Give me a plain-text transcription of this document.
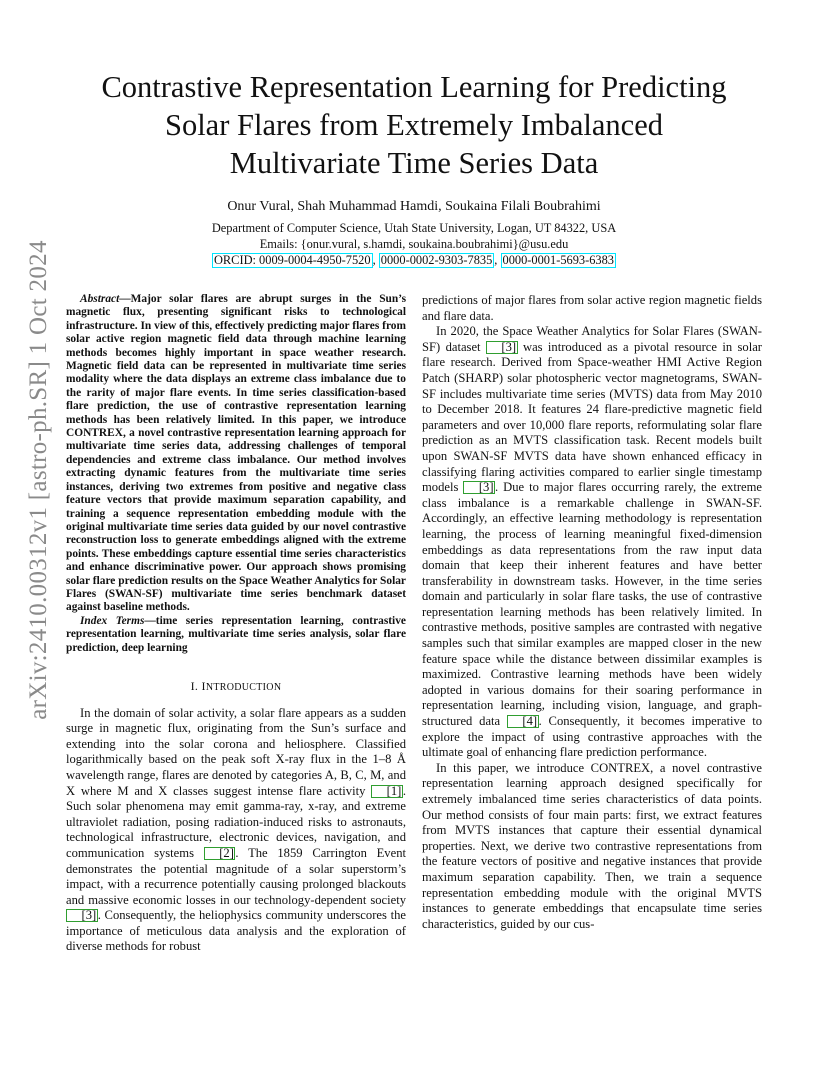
arXiv:2410.00312v1 [astro-ph.SR] 1 Oct 2024
Contrastive Representation Learning for Predicting
Solar Flares from Extremely Imbalanced
Multivariate Time Series Data
Onur Vural, Shah Muhammad Hamdi, Soukaina Filali Boubrahimi
Department of Computer Science, Utah State University, Logan, UT 84322, USA
Emails: {onur.vural, s.hamdi, soukaina.boubrahimi}@usu.edu
ORCID: 0009-0004-4950-7520 , 0000-0002-9303-7835 , 0000-0001-5693-6383

Abstract—Major solar flares are abrupt surges in the Sun’s magnetic flux, presenting significant risks to technological infrastructure. In view of this, effectively predicting major flares from solar active region magnetic field data through machine learning methods becomes highly important in space weather research. Magnetic field data can be represented in multivariate time series modality where the data displays an extreme class imbalance due to the rarity of major flare events. In time series classification-based flare prediction, the use of contrastive representation learning methods has been relatively limited. In this paper, we introduce CONTREX, a novel contrastive representation learning approach for multivariate time series data, addressing challenges of temporal dependencies and extreme class imbalance. Our method involves extracting dynamic features from the multivariate time series instances, deriving two extremes from positive and negative class feature vectors that provide maximum separation capability, and training a sequence representation embedding module with the original multivariate time series data guided by our novel contrastive reconstruction loss to generate embeddings aligned with the extreme points. These embeddings capture essential time series characteristics and enhance discriminative power. Our approach shows promising solar flare prediction results on the Space Weather Analytics for Solar Flares (SWAN-SF) multivariate time series benchmark dataset against baseline methods.

Index Terms—time series representation learning, contrastive representation learning, multivariate time series analysis, solar flare prediction, deep learning

I. INTRODUCTION

In the domain of solar activity, a solar flare appears as a sudden surge in magnetic flux, originating from the Sun’s surface and extending into the solar corona and heliosphere. Classified logarithmically based on the peak soft X-ray flux in the 1–8 Å wavelength range, flares are denoted by categories A, B, C, M, and X where M and X classes suggest intense flare activity [1] . Such solar phenomena may emit gamma-ray, x-ray, and extreme ultraviolet radiation, posing radiation-induced risks to astronauts, technological infrastructure, electronic devices, navigation, and communication systems [2] . The 1859 Carrington Event demonstrates the potential magnitude of a solar superstorm’s impact, with a recurrence potentially causing prolonged blackouts and massive economic losses in our technology-dependent society [3] . Consequently, the heliophysics community underscores the importance of meticulous data analysis and the exploration of diverse methods for robust

predictions of major flares from solar active region magnetic fields and flare data.

In 2020, the Space Weather Analytics for Solar Flares (SWAN-SF) dataset [3] was introduced as a pivotal resource in solar flare research. Derived from Space-weather HMI Active Region Patch (SHARP) solar photospheric vector magnetograms, SWAN-SF includes multivariate time series (MVTS) data from May 2010 to December 2018. It features 24 flare-predictive magnetic field parameters and over 10,000 flare reports, reformulating solar flare prediction as an MVTS classification task. Recent models built upon SWAN-SF MVTS data have shown enhanced efficacy in classifying flaring activities compared to earlier single timestamp models [3] . Due to major flares occurring rarely, the extreme class imbalance is a remarkable challenge in SWAN-SF. Accordingly, an effective learning methodology is representation learning, the process of learning meaningful fixed-dimension embeddings as data representations from the raw input data domain that keep their inherent features and have better transferability in downstream tasks. However, in the time series domain and particularly in solar flare tasks, the use of contrastive representation learning methods has been relatively limited. In contrastive methods, positive samples are contrasted with negative samples such that similar examples are mapped closer in the new feature space while the distance between dissimilar examples is maximized. Contrastive learning methods have been widely adopted in various domains for their soaring performance in representation learning, including vision, language, and graph-structured data [4] . Consequently, it becomes imperative to explore the impact of using contrastive approaches with the ultimate goal of enhancing flare prediction performance.

In this paper, we introduce CONTREX, a novel contrastive representation learning approach designed specifically for extremely imbalanced time series characteristics of data points. Our method consists of four main parts: first, we extract features from MVTS instances that capture their essential dynamical properties. Next, we derive two contrastive representations from the feature vectors of positive and negative instances that provide maximum separation capability. Then, we train a sequence representation embedding module with the original MVTS instances to generate embeddings that encapsulate time series characteristics, guided by our cus-
